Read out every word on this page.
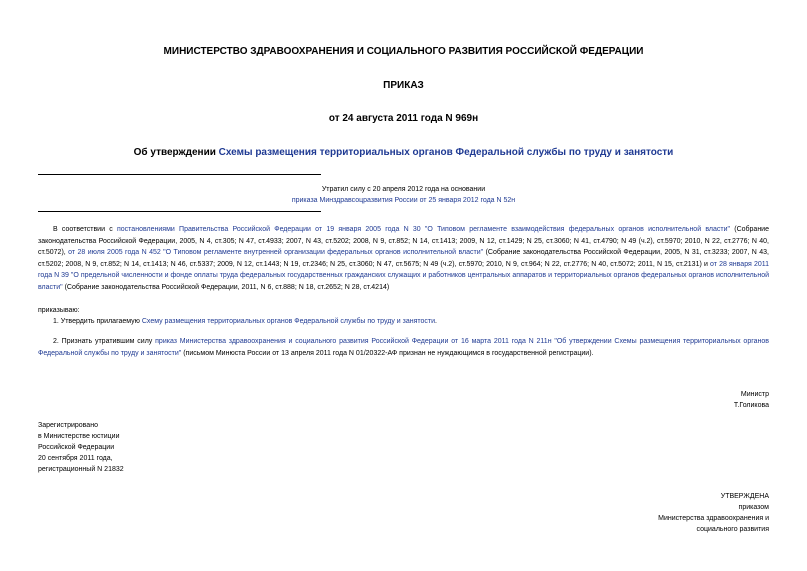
МИНИСТЕРСТВО ЗДРАВООХРАНЕНИЯ И СОЦИАЛЬНОГО РАЗВИТИЯ РОССИЙСКОЙ ФЕДЕРАЦИИ
ПРИКАЗ
от 24 августа 2011 года N 969н
Об утверждении Схемы размещения территориальных органов Федеральной службы по труду и занятости
Утратил силу с 20 апреля 2012 года на основании
приказа Минздравсоцразвития России от 25 января 2012 года N 52н
В соответствии с постановлениями Правительства Российской Федерации от 19 января 2005 года N 30 "О Типовом регламенте взаимодействия федеральных органов исполнительной власти" (Собрание законодательства Российской Федерации, 2005, N 4, ст.305; N 47, ст.4933; 2007, N 43, ст.5202; 2008, N 9, ст.852; N 14, ст.1413; 2009, N 12, ст.1429; N 25, ст.3060; N 41, ст.4790; N 49 (ч.2), ст.5970; 2010, N 22, ст.2776; N 40, ст.5072), от 28 июля 2005 года N 452 "О Типовом регламенте внутренней организации федеральных органов исполнительной власти" (Собрание законодательства Российской Федерации, 2005, N 31, ст.3233; 2007, N 43, ст.5202; 2008, N 9, ст.852; N 14, ст.1413; N 46, ст.5337; 2009, N 12, ст.1443; N 19, ст.2346; N 25, ст.3060; N 47, ст.5675; N 49 (ч.2), ст.5970; 2010, N 9, ст.964; N 22, ст.2776; N 40, ст.5072; 2011, N 15, ст.2131) и от 28 января 2011 года N 39 "О предельной численности и фонде оплаты труда федеральных государственных гражданских служащих и работников центральных аппаратов и территориальных органов федеральных органов исполнительной власти" (Собрание законодательства Российской Федерации, 2011, N 6, ст.888; N 18, ст.2652; N 28, ст.4214)
приказываю:
1. Утвердить прилагаемую Схему размещения территориальных органов Федеральной службы по труду и занятости.
2. Признать утратившим силу приказ Министерства здравоохранения и социального развития Российской Федерации от 16 марта 2011 года N 211н "Об утверждении Схемы размещения территориальных органов Федеральной службы по труду и занятости" (письмом Минюста России от 13 апреля 2011 года N 01/20322-АФ признан не нуждающимся в государственной регистрации).
Министр
Т.Голикова
Зарегистрировано
в Министерстве юстиции
Российской Федерации
20 сентября 2011 года,
регистрационный N 21832
УТВЕРЖДЕНА
приказом
Министерства здравоохранения и
социального развития
